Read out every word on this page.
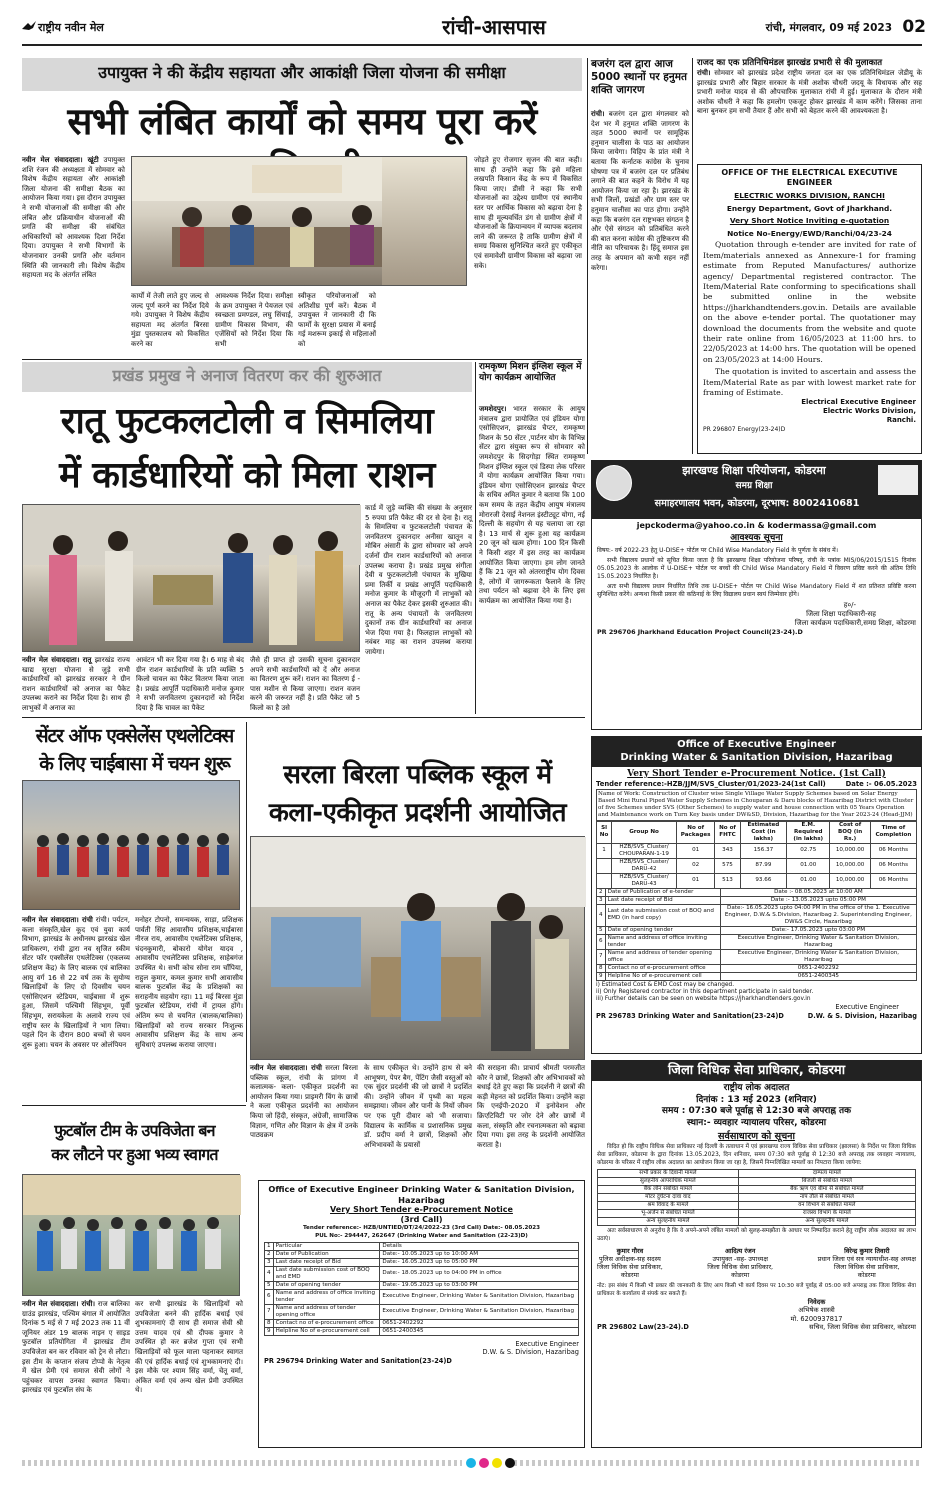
राष्ट्रीय नवीन मेल	रांची-आसपास	रांची, मंगलवार, 09 मई 2023 02
उपायुक्त ने की केंद्रीय सहायता और आकांक्षी जिला योजना की समीक्षा
सभी लंबित कार्यों को समय पूरा करें
नवीन मेल संवाददाता। खूंटी उपायुक्त शशि रंजन की अध्यक्षता में सोमवार को विशेष केंद्रीय सहायता और आकांक्षी जिला योजना की समीक्षा बैठक का आयोजन किया गया। इस दौरान उपायुक्त ने सभी योजनाओं की समीक्षा की और लंबित और प्रक्रियाधीन योजनाओं की प्रगति की समीक्षा की संबंधित अधिकारियों को आवश्यक दिशा निर्देश दिया। उपायुक्त ने सभी विभागों के योजनावार उनकी प्रगति और वर्तमान स्थिति की जानकारी ली। विशेष केंद्रीय सहायता मद के अंतर्गत लंबित
कार्यों में तेजी लाते हुए जल्द से जल्द पूर्ण करने का निर्देश दिये गये। उपायुक्त ने विशेष केंद्रीय सहायता मद अंतर्गत बिरसा मुंडा पुस्तकालय को विकसित करने का
आवश्यक निर्देश दिया। समीक्षा के क्रम उपायुक्त ने पेयजल एवं स्वच्छता प्रमण्डल, लघु सिंचाई, ग्रामीण विकास विभाग, की एजेंसियों को निर्देश दिया कि सभी
स्वीकृत परियोजनाओं को अतिशीघ्र पूर्ण करें। बैठक में उपायुक्त ने जानकारी दी कि फार्मों के सुरक्षा प्रयास में बनाई गई मशरूम इकाई से महिलाओं को
जोड़ते हुए रोजगार सृजन की बात कही। साथ ही उन्होंने कहा कि इसे महिला लखपति किसान केंद्र के रूप में विकसित किया जाए। डीसी ने कहा कि सभी योजनाओं का उद्देश्य ग्रामीण एवं स्थानीय स्तर पर आर्थिक विकास को बढ़ावा देना है साथ ही मूल्यवर्धित डंग से ग्रामीण क्षेत्रों में योजनाओं के क्रियान्वयन में व्यापक बदलाव लाने की जरूरत है ताकि ग्रामीण क्षेत्रों में समग्र विकास सुनिश्चित करते हुए एकीकृत एवं समावेशी ग्रामीण विकास को बढ़ावा जा सके।
बजरंग दल द्वारा आज 5000 स्थानों पर हनुमत शक्ति जागरण
रांची। बजरंग दल द्वारा मंगलवार को देश भर में हनुमत शक्ति जागरण के तहत 5000 स्थानों पर सामूहिक हनुमान चालीसा के पाठ का आयोजन किया जायेगा। विहिप के प्रांत मंत्री ने बताया कि कर्नाटक कांग्रेस के चुनाव घोषणा पत्र में बजरंग दल पर प्रतिबंध लगाने की बात कहने के विरोध में यह आयोजन किया जा रहा है। झारखंड के सभी जिलों, प्रखंडों और ग्राम स्तर पर हनुमान चालीसा का पाठ होगा। उन्होंने कहा कि बजरंग दल राष्ट्रभक्त संगठन है और ऐसे संगठन को प्रतिबंधित करने की बात करना कांग्रेस की तुष्टिकरण की नीति का परिचायक है। हिंदू समाज इस तरह के अपमान को कभी सहन नहीं करेगा।
राजद का एक प्रतिनिधिमंडल झारखंड प्रभारी से की मुलाकात
रांची। सोमवार को झारखंड प्रदेश राष्ट्रीय जनता दल का एक प्रतिनिधिमंडल जेडीयू के झारखंड प्रभारी और बिहार सरकार के मंत्री अशोक चौधरी जदयू के विधायक और सह प्रभारी मनोज यादव से की औपचारिक मुलाकात रांची में हुई। मुलाकात के दौरान मंत्री अशोक चौधरी ने कहा कि हमलोग एकजुट होकर झारखंड में काम करेंगे। जिसका ताना बाना बुनकर हम सभी तैयार हैं और सभी को बेहतर करने की आवश्यकता है।
OFFICE OF THE ELECTRICAL EXECUTIVE ENGINEER
ELECTRIC WORKS DIVISION, RANCHI
Energy Department, Govt of Jharkhand.
Very Short Notice Inviting e-quotation
Notice No-Energy/EWD/Ranchi/04/23-24
Quotation through e-tender are invited for rate of Item/materials annexed as Annexure-1 for framing estimate from Reputed Manufactures/ authorize agency/ Departmental registered contractor. The Item/Material Rate conforming to specifications shall be submitted online in the website https://jharkhandtenders.gov.in. Details are available on the above e-tender portal. The quotationer may download the documents from the website and quote their rate online from 16/05/2023 at 11:00 hrs. to 22/05/2023 at 14:00 hrs. The quotation will be opened on 23/05/2023 at 14:00 Hours.
The quotation is invited to ascertain and assess the Item/Material Rate as par with lowest market rate for framing of Estimate.
Electrical Executive Engineer
Electric Works Division,
Ranchi.
PR 296807 Energy(23-24)D
प्रखंड प्रमुख ने अनाज वितरण कर की शुरुआत
रातू फुटकलटोली व सिमलिया
में कार्डधारियों को मिला राशन
कार्ड में जुड़े व्यक्ति की संख्या के अनुसार 5 रुपया प्रति पैकेट की दर से देना है। रातू के सिमलिया व फुटकलटोली पंचायत के जनवितरण दुकानदार अनीसा खातून व मोबिन अंसारी के द्वारा सोमवार को अपने दर्जनों ग्रीन राशन कार्डधारियों को अनाज उपलब्ध कराया है। प्रखंड प्रमुख संगीता देवी व फुटकलटोली पंचायत के मुखिया प्रमा तिर्की व प्रखंड आपूर्ति पदाधिकारी मनोज कुमार के मौजूदगी में लाभुकों को अनाज का पैकेट देकर इसकी शुरुआत की। रातू के अन्य पंचायतों के जनवितरण दुकानों तक ग्रीन कार्डधारियों का अनाज भेज दिया गया है। फिलहाल लाभुकों को नवंबर माह का राशन उपलब्ध कराया जायेगा।
नवीन मेल संवाददाता। रातू झारखंड राज्य खाद्य सुरक्षा योजना से जुड़े सभी कार्डधारियों को झारखंड सरकार ने ग्रीन राशन कार्डधारियों को अनाज का पैकेट उपलब्ध कराने का निर्देश दिया है। साथ ही लाभुकों में अनाज का
आवंटन भी कर दिया गया है। 6 माह से बंद ग्रीन राशन कार्डधारियों के प्रति व्यक्ति 5 किलो चावल का पैकेट वितरण किया जाता है। प्रखंड आपूर्ति पदाधिकारी मनोज कुमार ने सभी जनवितरण दुकानदारों को निर्देश दिया है कि चावल का पैकेट
जैसे ही प्राप्त हो उसकी सूचना दुकानदार अपने सभी कार्डधारियों को दें और अनाज का वितरण शुरू करें। राशन का वितरण ई - पास मशीन से किया जाएगा। राशन वजन करने की जरूरत नहीं है। प्रति पैकेट जो 5 किलो का है उसे
रामकृष्ण मिशन इंग्लिश स्कूल में योग कार्यक्रम आयोजित
जमशेदपुर। भारत सरकार के आयुष मंत्रालय द्वारा प्रायोजित एवं इंडियन योगा एसोसिएशन, झारखंड चैप्टर, रामकृष्ण मिशन के 50 सेंटर ,पार्टनर योग के विभिन्न सेंटर द्वारा संयुक्त रूप से सोमवार को जमशेदपुर के सिदगोड़ा स्थित रामकृष्ण मिशन इंग्लिश स्कूल एवं डिस्पा लेक परिसर में योगा कार्यक्रम आयोजित किया गया। इंडियन योगा एसोसिएशन झारखंड चैप्टर के सचिव अमित कुमार ने बताया कि 100 कम समय के तहत केंद्रीय आयुष मंत्रालय मोरारजी देसाई नेशनल इंस्टीट्यूट योगा, नई दिल्ली के सहयोग से यह चलाया जा रहा है। 13 मार्च से शुरू हुआ यह कार्यक्रम 20 जून को खत्म होगा। 100 दिन किसी ने किसी शहर में इस तरह का कार्यक्रम आयोजित किया जाएगा। हम लोग जानते हैं कि 21 जून को अंतरराष्ट्रीय योग दिवस है, लोगों में जागरूकता फैलाने के लिए तथा पर्यटन को बढ़ावा देने के लिए इस कार्यक्रम का आयोजित किया गया है।
झारखण्ड शिक्षा परियोजना, कोडरमा
समग्र शिक्षा
समाहरणालय भवन, कोडरमा, दूरभाष: 8002410681
jepckoderma@yahoo.co.in & kodermassa@gmail.com
आवश्यक सूचना
विषय:- वर्ष 2022-23 हेतु U-DISE+ पोर्टल पर Child Wise Mandatory Field के पूर्णता के संबंध में।
सभी विद्यालय प्रधानों को सूचित किया जाता है कि झारखण्ड शिक्षा परियोजना परिषद्, रांची के पत्रांक MIS/06/2015/1515 दिनांक 05.05.2023 के आलोक में U-DISE+ पोर्टल पर बच्चों की Child Wise Mandatory Field में विवरण प्रविष्ट करने की अंतिम तिथि 15.05.2023 निर्धारित है।
अतः सभी विद्यालय प्रधान निर्धारित तिथि तक U-DISE+ पोर्टल पर Child Wise Mandatory Field में शत प्रतिशत प्रविष्टि करना सुनिश्चित करेंगे। अन्यथा किसी प्रकार की कठिनाई के लिए विद्यालय प्रधान स्वयं जिम्मेवार होंगे।
ह०/-
जिला शिक्षा पदाधिकारी-सह
जिला कार्यक्रम पदाधिकारी,समग्र शिक्षा, कोडरमा
PR 296706 Jharkhand Education Project Council(23-24).D
सेंटर ऑफ एक्सेलेंस एथलेटिक्स
के लिए चाईबासा में चयन शुरू
नवीन मेल संवाददाता। रांची रांची। पर्यटन, कला संस्कृति,खेल कूद एवं युवा कार्य विभाग, झारखंड के अधीनस्थ झारखंड खेल प्राधिकरण, रांची द्वारा नव सृजित स्कीम सेंटर फॉर एक्सीलेंस एथलेटिक्स (एकलव्य प्रशिक्षण केंद्र) के लिए बालक एवं बालिका आयु वर्ग 16 से 22 वर्ष तक के सुयोग्य खिलाड़ियों के लिए दो दिवसीय चयन एसोसिएशन स्टेडियम, चाईबासा में शुरू हुआ, जिसमें पश्चिमी सिंहभूम, पूर्वी सिंहभूम, सरायकेला के अलावे राज्य एवं राष्ट्रीय स्तर के खिलाड़ियों ने भाग लिया। पहले दिन के दौरान 800 बच्चों से चयन शुरू हुआ। चयन के अवसर पर ओलंपियन
मनोहर टोपनो, समन्वयक, साड़ा, प्रशिक्षक पार्वती सिंह आवासीय प्रशिक्षक,चाईबासा नीरज राय, आवासीय एथलेटिक्स प्रशिक्षक, चंदनकुमारी, बोकारो योगेश यादव , आवासीय एथलेटिक्स प्रशिक्षक, साहेबगंज उपस्थित थे। सभी कोच सोना राम चाँपिया, राहुल कुमार, कमल कुमार सभी आवासीय बालक फुटबॉल केंद्र के प्रशिक्षकों का सराहनीय सहयोग रहा। 11 मई बिरसा मुंडा फुटबॉल स्टेडियम, रांची में ट्रायल होंगे। अंतिम रूप से चयनित (बालक/बालिका) खिलाड़ियों को राज्य सरकार निःशुल्क आवासीय प्रशिक्षण केंद्र के साथ अन्य सुविधाएं उपलब्ध कराया जाएगा।
सरला बिरला पब्लिक स्कूल में
कला-एकीकृत प्रदर्शनी आयोजित
नवीन मेल संवाददाता। रांची सरला बिरला पब्लिक स्कूल, रांची के प्रांगण में कलात्मक- कला- एकीकृत प्रदर्शनी का आयोजन किया गया। प्राइमरी विंग के छात्रों ने कला एकीकृत प्रदर्शनी का आयोजन किया जो हिंदी, संस्कृत, अंग्रेजी, सामाजिक विज्ञान, गणित और विज्ञान के क्षेत्र में उनके पाठ्यक्रम
के साथ एकीकृत थे। उन्होंने हाथ से बने आभूषण, पेपर बैग, पेंटिंग जैसी वस्तुओं को एक सुंदर प्रदर्शनी की जो छात्रों ने प्रदर्शित की। उन्होंने जीवन में पृथ्वी का महत्व समझाया। जीवन और पानी के नियों जीवन पर एक पूरी दीवार को भी सजाया। विद्यालय के कार्मिक व प्रशासनिक प्रमुख डॉ. प्रदीप वर्मा ने छात्रों, शिक्षकों और अभिभावकों के प्रयासों
की सराहना की। प्राचार्य श्रीमती परमजीत कौर ने छात्रों, शिक्षकों और अभिभावकों को बधाई देते हुए कहा कि प्रदर्शनी ने छात्रों की कड़ी मेहनत को प्रदर्शित किया। उन्होंने कहा कि एनईपी-2020 में इनोवेशन और क्रिएटिविटी पर जोर देने और छात्रों में कला, संस्कृति और रचनात्मकता को बढ़ावा दिया गया। इस तरह के प्रदर्शनी आयोजित कराता है।
फुटबॉल टीम के उपविजेता बन
कर लौटने पर हुआ भव्य स्वागत
नवीन मेल संवाददाता। रांची। राज बालिका ग्राउंड झारखंड, पश्चिम बंगाल में आयोजित दिनांक 5 मई से 7 मई 2023 तक 11 वीं जूनियर अंडर 19 बालक नाइन ए साइड फुटबॉल प्रतियोगिता में झारखंड टीम उपविजेता बन कर रविवार को ट्रेन से लौटा। इस टीम के कप्तान संजय टोप्पो के नेतृत्व में खेल प्रेमी एवं समाज सेवी लोगों ने पहुंचकर वापस उनका स्वागत किया। झारखंड एवं फुटबॉल संघ के
कर सभी झारखंड के खिलाड़ियों को उपविजेता बनने की हार्दिक बधाई एवं शुभकामनाएं दी साथ ही समाज सेवी श्री उत्तम यादव एवं श्री दीपक कुमार ने उपस्थित हो कर ब्रजेश गुप्ता एवं सभी खिलाड़ियों को फूल माला पहनाकर स्वागत की एवं हार्दिक बधाई एवं शुभकामनाएं दी। इस मौके पर श्याम सिंह वर्मा, चेतू वर्मा, अंकित वर्मा एवं अन्य खेल प्रेमी उपस्थित थे।
Office of Executive Engineer Drinking Water & Sanitation Division, Hazaribag
Very Short Tender e-Procurement Notice
(3rd Call)
Tender reference:- HZB/UNTIED/DT/24/2022-23 (3rd Call) Date:- 08.05.2023
PUL No:- 294447, 262647 (Drinking Water and Sanitation (22-23)D)
1	Particular	Details
2	Date of Publication	Date:- 10.05.2023 up to 10:00 AM
3	Last date receipt of Bid	Date:- 16.05.2023 up to 05:00 PM
4	Last date submission cost of BOQ and EMD	Date:- 18.05.2023 up to 04:00 PM in office
5	Date of opening tender	Date:- 19.05.2023 up to 03:00 PM
6	Name and address of office inviting tender	Executive Engineer, Drinking Water & Sanitation Division, Hazaribag
7	Name and address of tender opening office	Executive Engineer, Drinking Water & Sanitation Division, Hazaribag
8	Contact no of e-procurement office	0651-2402292
9	Helpline No of e-procurement cell	0651-2400345
Executive Engineer
D.W. & S. Division, Hazaribag
PR 296794 Drinking Water and Sanitation(23-24)D
Office of Executive Engineer
Drinking Water & Sanitation Division, Hazaribag
Very Short Tender e-Procurement Notice. (1st Call)
Tender reference:-HZB/JJM/SVS_Cluster/01/2023-24(1st Call)	Date :- 06.05.2023
Name of Work: Construction of Cluster wise Single Village Water Supply Schemes based on Solar Energy Based Mini Rural Piped Water Supply Schemes in Chouparan & Daru blocks of Hazaribag District with Cluster of five Schemes under SVS (Other Schemes) to supply water and house connection with 05 Years Operation and Maintenance work on Turn Key basis under DW&SD, Division, Hazaribag for the Year 2023-24 (Head-JJM)
Sl No	Group No	No of Packages	No of FHTC	Estimated Cost (in lakhs)	E.M. Required (in lakhs)	Cost of BOQ (in Rs.)	Time of Completion
1	HZB/SVS_Cluster/ CHOUPARAN-1-19	01	343	156.37	02.75	10,000.00	06 Months
	HZB/SVS_Cluster/ DARU-42	02	575	87.99	01.00	10,000.00	06 Months
	HZB/SVS_Cluster/ DARU-43	01	513	93.66	01.00	10,000.00	06 Months
2	Date of Publication of e-tender	Date :- 08.05.2023 at 10:00 AM
3	Last date receipt of Bid	Date :- 13.05.2023 upto 05:00 PM
4	Last date submission cost of BOQ and EMD (in hard copy)	Date:- 16.05.2023 upto 04:00 PM in the office of the 1. Executive Engineer, D.W.& S.Division, Hazaribag 2. Superintending Engineer, DW&S Circle, Hazaribag
5	Date of opening tender	Date:- 17.05.2023 upto 03:00 PM
6	Name and address of office inviting tender	Executive Engineer, Drinking Water & Sanitation Division, Hazaribag
7	Name and address of tender opening office	Executive Engineer, Drinking Water & Sanitation Division, Hazaribag
8	Contact no of e-procurement office	0651-2402292
9	Helpline No of e-procurement cell	0651-2400345
i) Estimated Cost & EMD Cost may be changed.
ii) Only Registered contractor in this department participate in said tender.
iii) Further details can be seen on website https://jharkhandtenders.gov.in
Executive Engineer
PR 296783 Drinking Water and Sanitation(23-24)D	D.W. & S. Division, Hazaribag
जिला विधिक सेवा प्राधिकार, कोडरमा
राष्ट्रीय लोक अदालत
दिनांक : 13 मई 2023 (शनिवार)
समय : 07:30 बजे पूर्वाह्न से 12:30 बजे अपराह्न तक
स्थान:- व्यवहार न्यायालय परिसर, कोडरमा
सर्वसाधारण को सूचना
विदित हो कि राष्ट्रीय विधिक सेवा प्राधिकार नई दिल्ली के तत्वाधान में एवं झारखण्ड राज्य विधिक सेवा प्राधिकार (झालसा) के निर्देश पर जिला विधिक सेवा प्राधिकार, कोडरमा के द्वारा दिनांक 13.05.2023, दिन शनिवार, समय 07:30 बजे पूर्वाह्न से 12:30 बजे अपराह्न तक व्यवहार न्यायालय, कोडरमा के परिसर में राष्ट्रीय लोक अदालत का आयोजन किया जा रहा है, जिसमें निम्नलिखित मामलों का निपटारा किया जायेगा:
सभी प्रकार के दिवानी मामले	दाम्पत्य मामले
सुलहनीय आपराधिक मामले	बिजली से संबंधित मामले
बैंक लोन संबंधित मामले	बैंक ऋण एवं बीमा से संबंधित मामले
मोटर दुर्घटना दावा वाद	नाप तौल से संबंधित मामले
श्रम विवाद के मामले	वन विभाग से संबंधित मामले
भू-अर्जन से संबंधित मामले	राजस्व विभाग के मामले
अन्य सुलहनीय मामले	अन्य सुलहनीय मामले
अतः सर्वसाधारण से अनुरोध है कि वे अपने-अपने लंबित मामलों को सुलह-समझौता के आधार पर निष्पादित कराने हेतु राष्ट्रीय लोक अदालत का लाभ उठाएं।
कुमार गौरव
पुलिस अधीक्षक-सह सदस्य
जिला विधिक सेवा प्राधिकार,
कोडरमा
आदित्य रंजन
उपायुक्त -सह- उपाध्यक्ष
जिला विधिक सेवा प्राधिकार,
कोडरमा
विरेन्द्र कुमार तिवारी
प्रधान जिला एवं सत्र न्यायाधीश-सह अध्यक्ष
जिला विधिक सेवा प्राधिकार,
कोडरमा
नोट: इस संबंध में किसी भी प्रकार की जानकारी के लिए आप किसी भी कार्य दिवस पर 10:30 बजे पूर्वाह्न से 05:00 बजे अपराह्न तक जिला विधिक सेवा प्राधिकार के कार्यालय से संपर्क कर सकते हैं।
निवेदक
अभिषेक शास्त्री
मो. 6200937817
PR 296802 Law(23-24).D	सचिव, जिला विधिक सेवा प्राधिकार, कोडरमा
